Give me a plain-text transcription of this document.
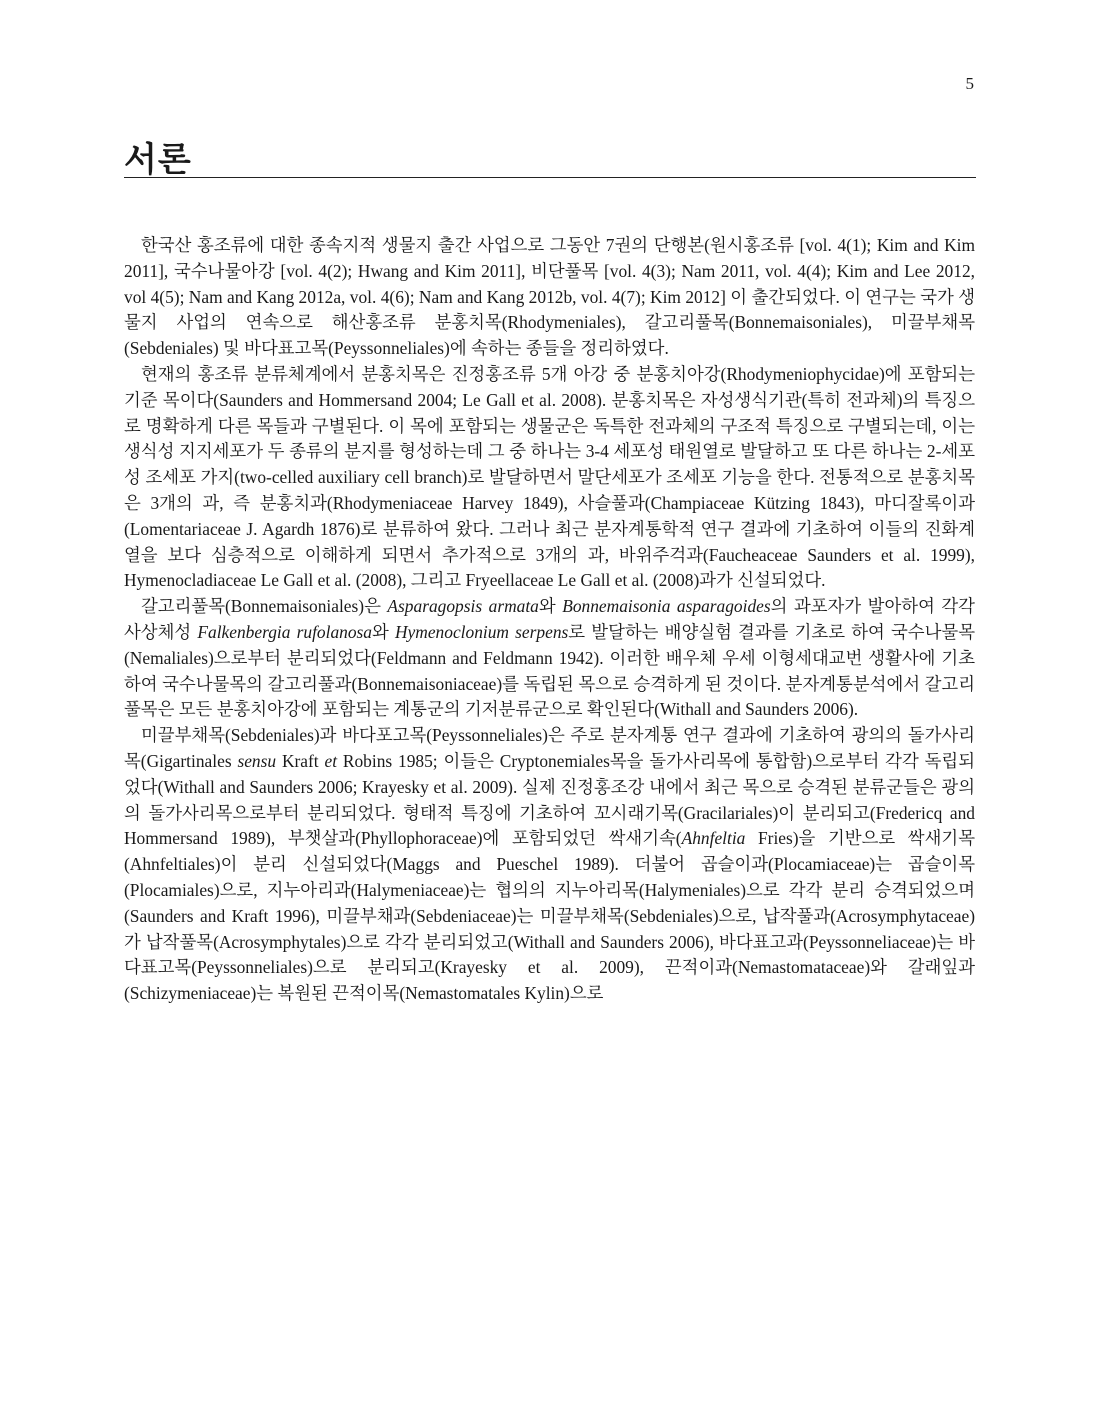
5
서론

한국산 홍조류에 대한 종속지적 생물지 출간 사업으로 그동안 7권의 단행본(원시홍조류 [vol. 4(1); Kim and Kim 2011], 국수나물아강 [vol. 4(2); Hwang and Kim 2011], 비단풀목 [vol. 4(3); Nam 2011, vol. 4(4); Kim and Lee 2012, vol 4(5); Nam and Kang 2012a, vol. 4(6); Nam and Kang 2012b, vol. 4(7); Kim 2012] 이 출간되었다. 이 연구는 국가 생물지 사업의 연속으로 해산홍조류 분홍치목(Rhodymeniales), 갈고리풀목(Bonnemaisoniales), 미끌부채목(Sebdeniales) 및 바다표고목(Peyssonneliales)에 속하는 종들을 정리하였다.

현재의 홍조류 분류체계에서 분홍치목은 진정홍조류 5개 아강 중 분홍치아강(Rhodymeniophycidae)에 포함되는 기준 목이다(Saunders and Hommersand 2004; Le Gall et al. 2008). 분홍치목은 자성생식기관(특히 전과체)의 특징으로 명확하게 다른 목들과 구별된다. 이 목에 포함되는 생물군은 독특한 전과체의 구조적 특징으로 구별되는데, 이는 생식성 지지세포가 두 종류의 분지를 형성하는데 그 중 하나는 3-4 세포성 태원열로 발달하고 또 다른 하나는 2-세포성 조세포 가지(two-celled auxiliary cell branch)로 발달하면서 말단세포가 조세포 기능을 한다. 전통적으로 분홍치목은 3개의 과, 즉 분홍치과(Rhodymeniaceae Harvey 1849), 사슬풀과(Champiaceae Kützing 1843), 마디잘록이과(Lomentariaceae J. Agardh 1876)로 분류하여 왔다. 그러나 최근 분자계통학적 연구 결과에 기초하여 이들의 진화계열을 보다 심층적으로 이해하게 되면서 추가적으로 3개의 과, 바위주걱과(Faucheaceae Saunders et al. 1999), Hymenocladiaceae Le Gall et al. (2008), 그리고 Fryeellaceae Le Gall et al. (2008)과가 신설되었다.

갈고리풀목(Bonnemaisoniales)은 Asparagopsis armata와 Bonnemaisonia asparagoides의 과포자가 발아하여 각각 사상체성 Falkenbergia rufolanosa와 Hymenoclonium serpens로 발달하는 배양실험 결과를 기초로 하여 국수나물목(Nemaliales)으로부터 분리되었다(Feldmann and Feldmann 1942). 이러한 배우체 우세 이형세대교번 생활사에 기초하여 국수나물목의 갈고리풀과(Bonnemaisoniaceae)를 독립된 목으로 승격하게 된 것이다. 분자계통분석에서 갈고리풀목은 모든 분홍치아강에 포함되는 계통군의 기저분류군으로 확인된다(Withall and Saunders 2006).

미끌부채목(Sebdeniales)과 바다포고목(Peyssonneliales)은 주로 분자계통 연구 결과에 기초하여 광의의 돌가사리목(Gigartinales sensu Kraft et Robins 1985; 이들은 Cryptonemiales목을 돌가사리목에 통합함)으로부터 각각 독립되었다(Withall and Saunders 2006; Krayesky et al. 2009). 실제 진정홍조강 내에서 최근 목으로 승격된 분류군들은 광의의 돌가사리목으로부터 분리되었다. 형태적 특징에 기초하여 꼬시래기목(Gracilariales)이 분리되고(Fredericq and Hommersand 1989), 부챗살과(Phyllophoraceae)에 포함되었던 싹새기속(Ahnfeltia Fries)을 기반으로 싹새기목(Ahnfeltiales)이 분리 신설되었다(Maggs and Pueschel 1989). 더불어 곱슬이과(Plocamiaceae)는 곱슬이목(Plocamiales)으로, 지누아리과(Halymeniaceae)는 협의의 지누아리목(Halymeniales)으로 각각 분리 승격되었으며(Saunders and Kraft 1996), 미끌부채과(Sebdeniaceae)는 미끌부채목(Sebdeniales)으로, 납작풀과(Acrosymphytaceae)가 납작풀목(Acrosymphytales)으로 각각 분리되었고(Withall and Saunders 2006), 바다표고과(Peyssonneliaceae)는 바다표고목(Peyssonneliales)으로 분리되고(Krayesky et al. 2009), 끈적이과(Nemastomataceae)와 갈래잎과(Schizymeniaceae)는 복원된 끈적이목(Nemastomatales Kylin)으로
